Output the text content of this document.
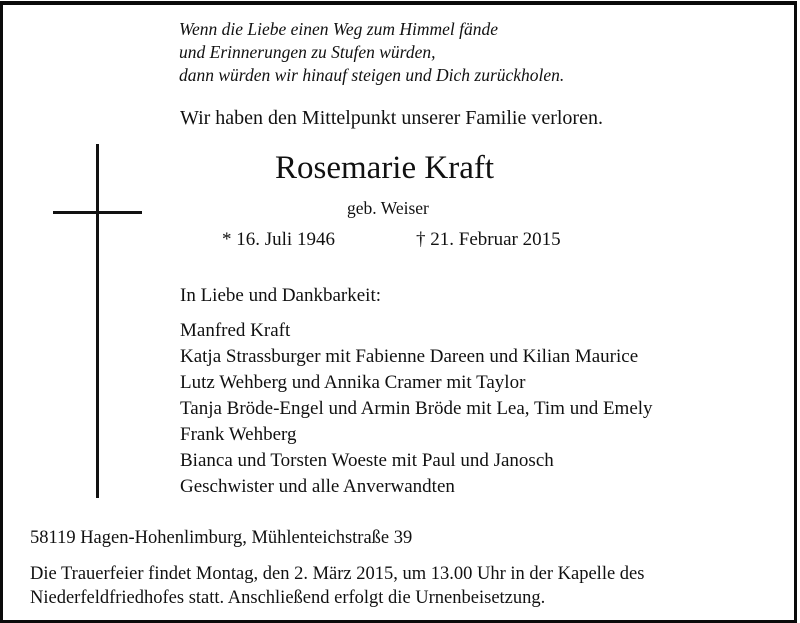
Wenn die Liebe einen Weg zum Himmel fände
und Erinnerungen zu Stufen würden,
dann würden wir hinauf steigen und Dich zurückholen.
Wir haben den Mittelpunkt unserer Familie verloren.
Rosemarie Kraft
geb. Weiser
* 16. Juli 1946	† 21. Februar 2015
In Liebe und Dankbarkeit:
Manfred Kraft
Katja Strassburger mit Fabienne Dareen und Kilian Maurice
Lutz Wehberg und Annika Cramer mit Taylor
Tanja Bröde-Engel und Armin Bröde mit Lea, Tim und Emely
Frank Wehberg
Bianca und Torsten Woeste mit Paul und Janosch
Geschwister und alle Anverwandten
58119 Hagen-Hohenlimburg, Mühlenteichstraße 39
Die Trauerfeier findet Montag, den 2. März 2015, um 13.00 Uhr in der Kapelle des
Niederfeldfriedhofes statt. Anschließend erfolgt die Urnenbeisetzung.
